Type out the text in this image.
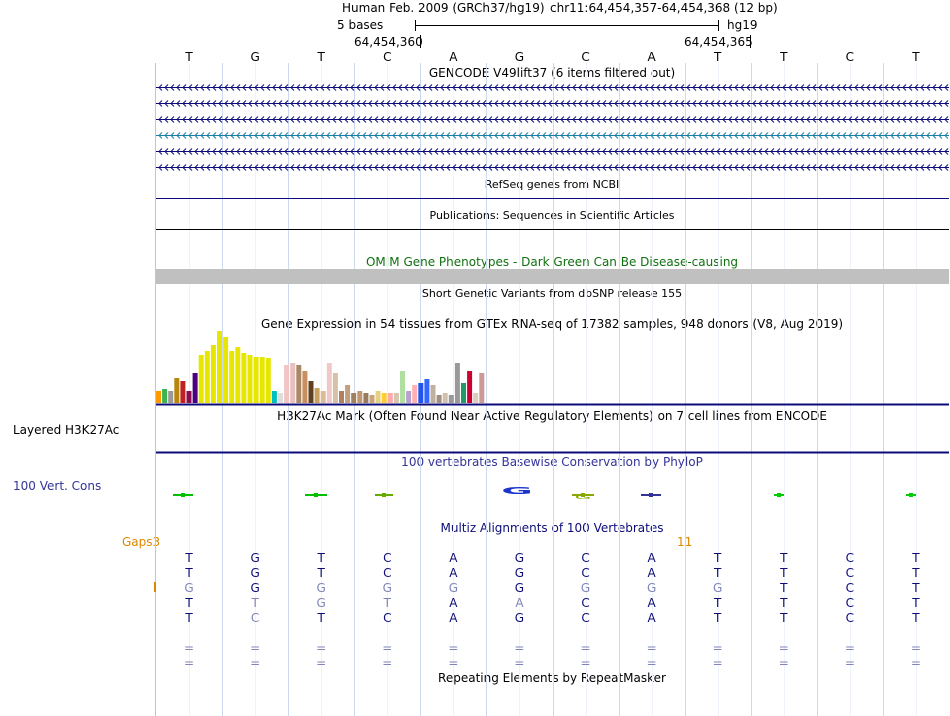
Human Feb. 2009 (GRCh37/hg19) chr11:64,454,357-64,454,368 (12 bp)
5 bases	hg19
64,454,360	64,454,365
GENCODE V49lift37 (6 items filtered out)
RefSeq genes from NCBI
Publications: Sequences in Scientific Articles
OMIM Gene Phenotypes - Dark Green Can Be Disease-causing
Short Genetic Variants from dbSNP release 155
Gene Expression in 54 tissues from GTEx RNA-seq of 17382 samples, 948 donors (V8, Aug 2019)
H3K27Ac Mark (Often Found Near Active Regulatory Elements) on 7 cell lines from ENCODE
Layered H3K27Ac
100 vertebrates Basewise Conservation by PhyloP
100 Vert. Cons
Multiz Alignments of 100 Vertebrates
Gaps3	11
Repeating Elements by RepeatMasker
T	G	T	C	A	G	C	A	T	T	C	T
G
G
T	G	T	C	A	G	C	A	T	T	C	T
T	G	T	C	A	G	C	A	T	T	C	T
G	G	G	G	G	G	G	G	G	T	C	T
T	T	G	T	A	A	C	A	T	T	C	T
T	C	T	C	A	G	C	A	T	T	C	T
=	=	=	=	=	=	=	=	=	=	=	=
=	=	=	=	=	=	=	=	=	=	=	=
